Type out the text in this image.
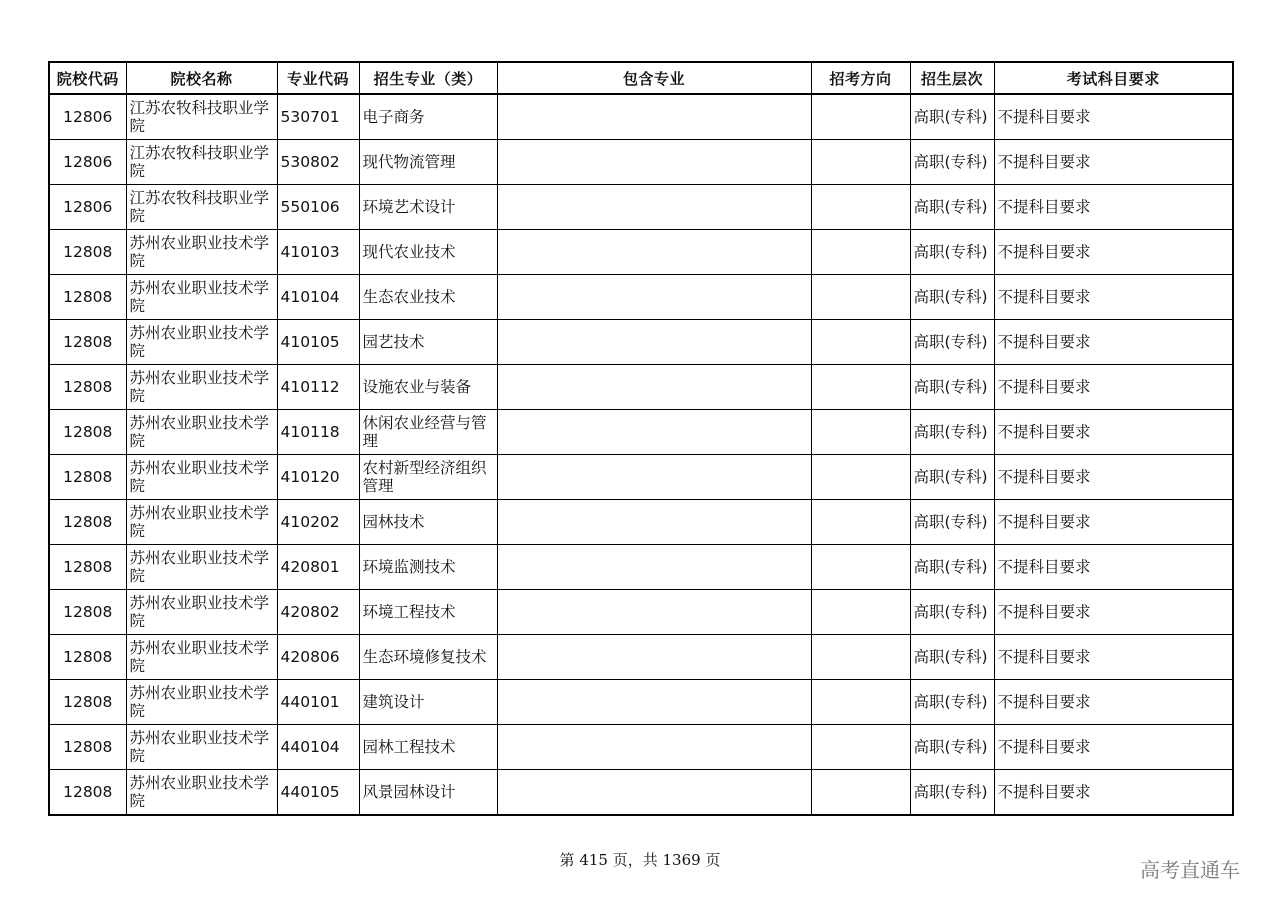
院校代码	院校名称	专业代码	招生专业（类）	包含专业	招考方向	招生层次	考试科目要求
12806	江苏农牧科技职业学院	530701	电子商务			高职(专科)	不提科目要求
12806	江苏农牧科技职业学院	530802	现代物流管理			高职(专科)	不提科目要求
12806	江苏农牧科技职业学院	550106	环境艺术设计			高职(专科)	不提科目要求
12808	苏州农业职业技术学院	410103	现代农业技术			高职(专科)	不提科目要求
12808	苏州农业职业技术学院	410104	生态农业技术			高职(专科)	不提科目要求
12808	苏州农业职业技术学院	410105	园艺技术			高职(专科)	不提科目要求
12808	苏州农业职业技术学院	410112	设施农业与装备			高职(专科)	不提科目要求
12808	苏州农业职业技术学院	410118	休闲农业经营与管理			高职(专科)	不提科目要求
12808	苏州农业职业技术学院	410120	农村新型经济组织管理			高职(专科)	不提科目要求
12808	苏州农业职业技术学院	410202	园林技术			高职(专科)	不提科目要求
12808	苏州农业职业技术学院	420801	环境监测技术			高职(专科)	不提科目要求
12808	苏州农业职业技术学院	420802	环境工程技术			高职(专科)	不提科目要求
12808	苏州农业职业技术学院	420806	生态环境修复技术			高职(专科)	不提科目要求
12808	苏州农业职业技术学院	440101	建筑设计			高职(专科)	不提科目要求
12808	苏州农业职业技术学院	440104	园林工程技术			高职(专科)	不提科目要求
12808	苏州农业职业技术学院	440105	风景园林设计			高职(专科)	不提科目要求
第 415 页，共 1369 页	高考直通车
